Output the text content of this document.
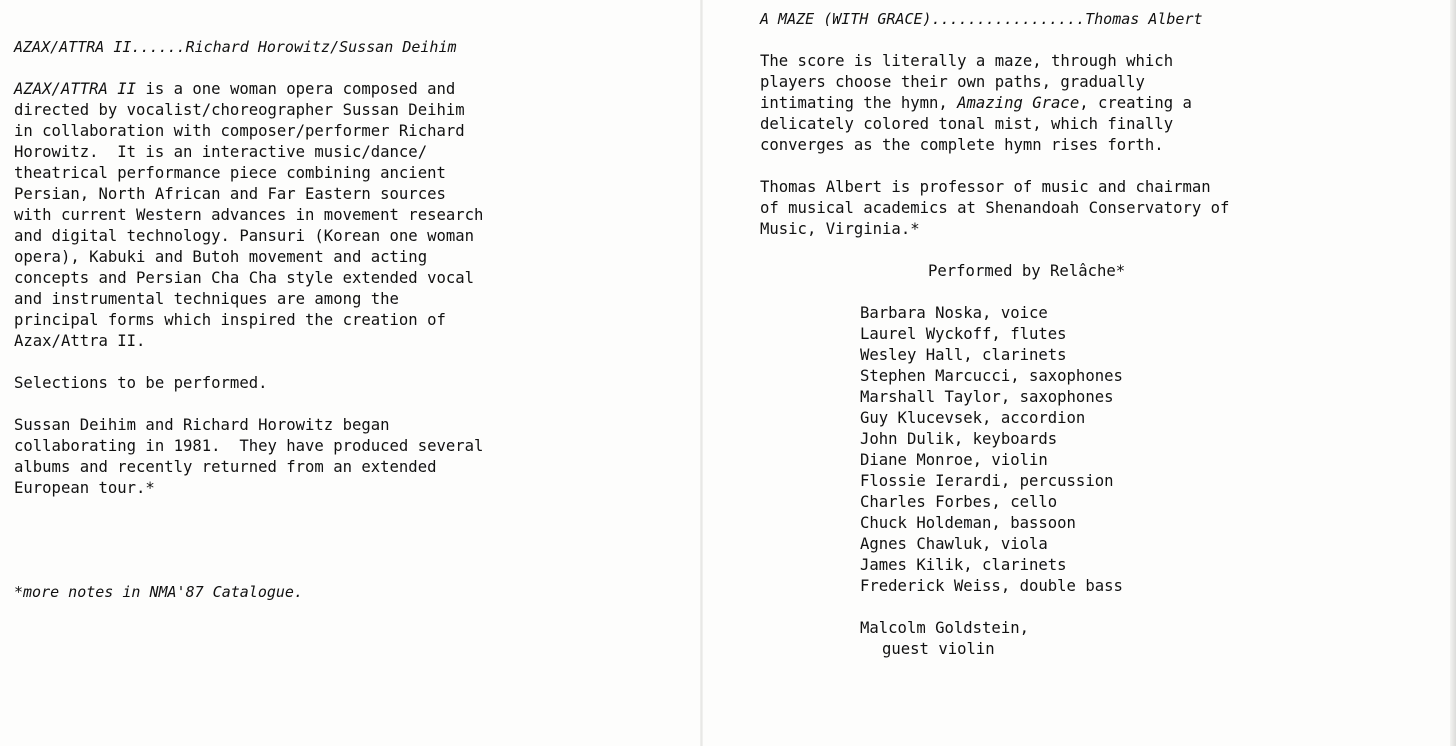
AZAX/ATTRA II......Richard Horowitz/Sussan Deihim

AZAX/ATTRA II is a one woman opera composed and
directed by vocalist/choreographer Sussan Deihim
in collaboration with composer/performer Richard
Horowitz.  It is an interactive music/dance/
theatrical performance piece combining ancient
Persian, North African and Far Eastern sources
with current Western advances in movement research
and digital technology. Pansuri (Korean one woman
opera), Kabuki and Butoh movement and acting
concepts and Persian Cha Cha style extended vocal
and instrumental techniques are among the
principal forms which inspired the creation of
Azax/Attra II.

Selections to be performed.

Sussan Deihim and Richard Horowitz began
collaborating in 1981.  They have produced several
albums and recently returned from an extended
European tour.*

*more notes in NMA'87 Catalogue.

A MAZE (WITH GRACE).................Thomas Albert

The score is literally a maze, through which
players choose their own paths, gradually
intimating the hymn, Amazing Grace, creating a
delicately colored tonal mist, which finally
converges as the complete hymn rises forth.
Thomas Albert is professor of music and chairman
of musical academics at Shenandoah Conservatory of
Music, Virginia.*

Performed by Relâche*

Barbara Noska, voice
Laurel Wyckoff, flutes
Wesley Hall, clarinets
Stephen Marcucci, saxophones
Marshall Taylor, saxophones
Guy Klucevsek, accordion
John Dulik, keyboards
Diane Monroe, violin
Flossie Ierardi, percussion
Charles Forbes, cello
Chuck Holdeman, bassoon
Agnes Chawluk, viola
James Kilik, clarinets
Frederick Weiss, double bass
Malcolm Goldstein,
guest violin
